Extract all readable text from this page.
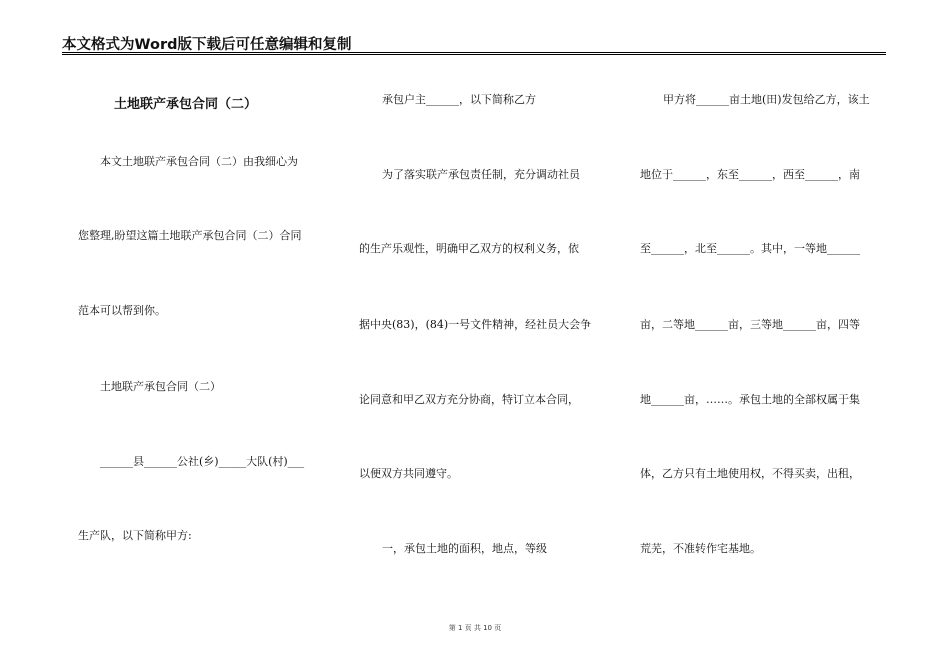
本文格式为Word版下载后可任意编辑和复制
土地联产承包合同（二）
本文土地联产承包合同（二）由我细心为
您整理,盼望这篇土地联产承包合同（二）合同
范本可以帮到你。
土地联产承包合同（二）
______县______公社(乡)_____大队(村)___
生产队，以下简称甲方:
承包户主______，以下简称乙方
为了落实联产承包责任制，充分调动社员
的生产乐观性，明确甲乙双方的权利义务，依
据中央(83)，(84)一号文件精神，经社员大会争
论同意和甲乙双方充分协商，特订立本合同，
以便双方共同遵守。
一，承包土地的面积，地点，等级
甲方将______亩土地(田)发包给乙方，该土
地位于______，东至______，西至______，南
至______，北至______。其中，一等地______
亩，二等地______亩，三等地______亩，四等
地______亩，……。承包土地的全部权属于集
体，乙方只有土地使用权，不得买卖，出租，
荒芜，不准转作宅基地。
第 1 页 共 10 页
